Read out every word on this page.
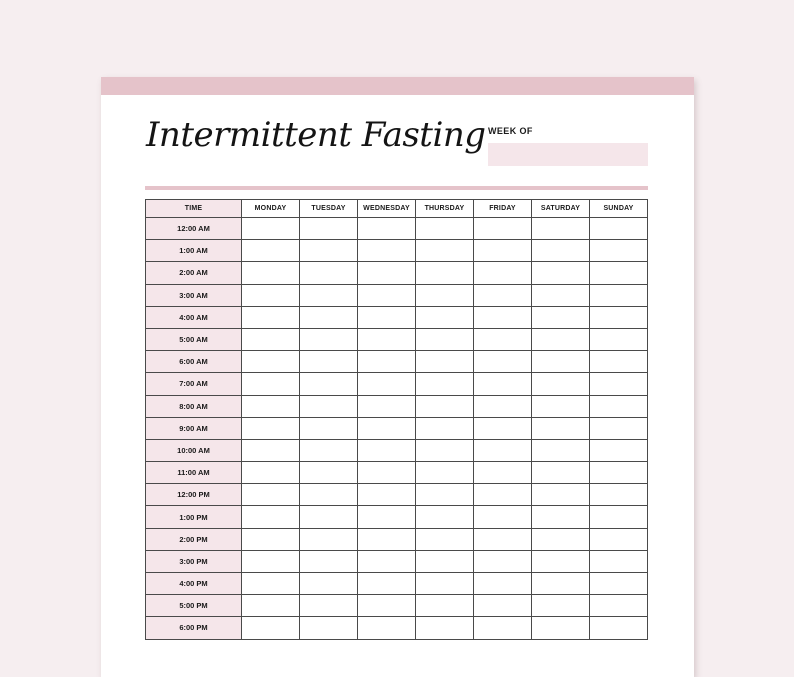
Intermittent Fasting WEEK OF
TIME	MONDAY	TUESDAY	WEDNESDAY	THURSDAY	FRIDAY	SATURDAY	SUNDAY
12:00 AM							
1:00 AM							
2:00 AM							
3:00 AM							
4:00 AM							
5:00 AM							
6:00 AM							
7:00 AM							
8:00 AM							
9:00 AM							
10:00 AM							
11:00 AM							
12:00 PM							
1:00 PM							
2:00 PM							
3:00 PM							
4:00 PM							
5:00 PM							
6:00 PM							
